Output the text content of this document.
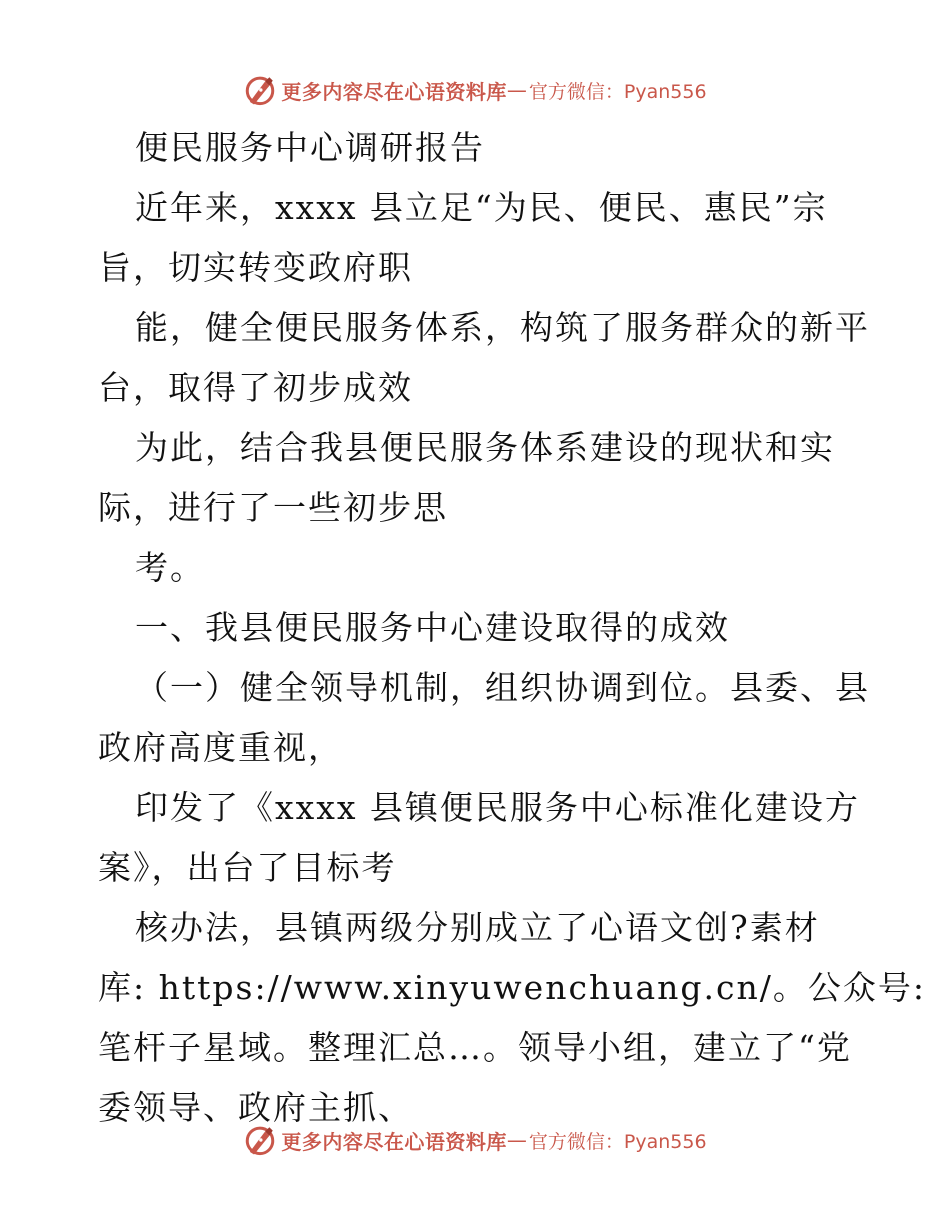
更多内容尽在心语资料库 — 官方微信：Pyan556
便民服务中心调研报告
近年来，xxxx 县立足“为民、便民、惠民”宗
旨，切实转变政府职
能，健全便民服务体系，构筑了服务群众的新平
台，取得了初步成效
为此，结合我县便民服务体系建设的现状和实
际，进行了一些初步思
考。
一、我县便民服务中心建设取得的成效
（一）健全领导机制，组织协调到位。县委、县
政府高度重视，
印发了《xxxx 县镇便民服务中心标准化建设方
案》，出台了目标考
核办法，县镇两级分别成立了心语文创?素材
库: https://www.xinyuwenchuang.cn/。公众号:
笔杆子星域。整理汇总…。领导小组，建立了“党
委领导、政府主抓、
更多内容尽在心语资料库 — 官方微信：Pyan556
